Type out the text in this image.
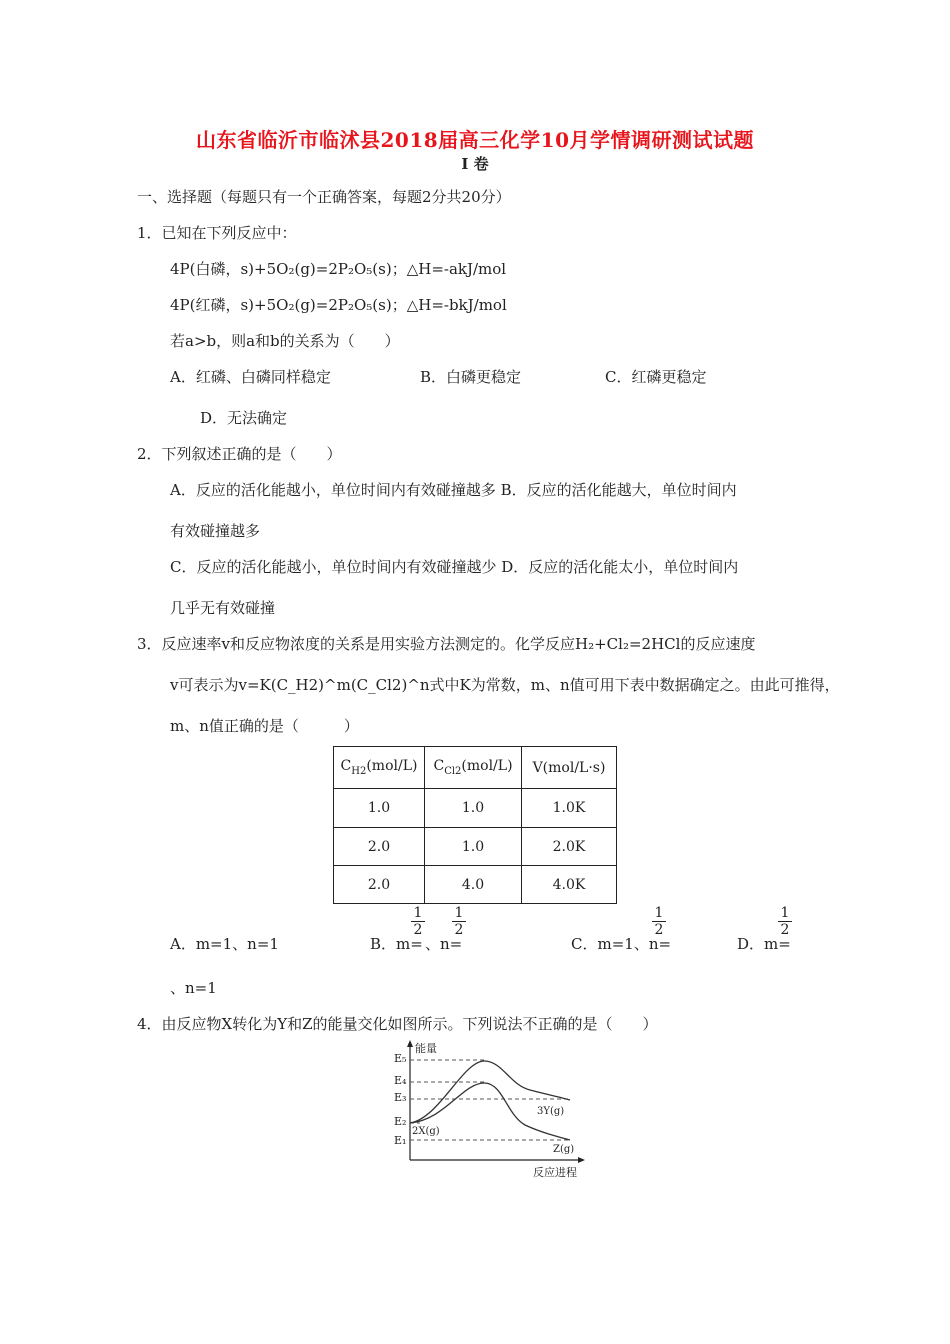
山东省临沂市临沭县2018届高三化学10月学情调研测试试题
Ⅰ 卷
一、选择题（每题只有一个正确答案，每题2分共20分）
1．已知在下列反应中：
4P(白磷，s)+5O₂(g)=2P₂O₅(s)；△H=-akJ/mol
4P(红磷，s)+5O₂(g)=2P₂O₅(s)；△H=-bkJ/mol
若a>b，则a和b的关系为（　　）
A．红磷、白磷同样稳定	B．白磷更稳定	C．红磷更稳定
D．无法确定
2．下列叙述正确的是（　　）
A．反应的活化能越小，单位时间内有效碰撞越多 B．反应的活化能越大，单位时间内
有效碰撞越多
C．反应的活化能越小，单位时间内有效碰撞越少 D．反应的活化能太小，单位时间内
几乎无有效碰撞
3．反应速率v和反应物浓度的关系是用实验方法测定的。化学反应H₂+Cl₂=2HCl的反应速度
v可表示为v=K(C_H2)^m(C_Cl2)^n式中K为常数，m、n值可用下表中数据确定之。由此可推得，
m、n值正确的是（　　　）
$C_{H2}(mol/L)$	$C_{Cl2}(mol/L)$	V(mol/L·s)
1.0	1.0	1.0K
2.0	1.0	2.0K
2.0	4.0	4.0K
A．m=1、n=1	B．m=
$\frac{1}{2}$
、n=
$\frac{1}{2}$
C．m=1、n=
$\frac{1}{2}$
D．m=
$\frac{1}{2}$
、n=1
4．由反应物X转化为Y和Z的能量交化如图所示。下列说法不正确的是（　　）
E₅
E₄
E₃
E₂
E₁
能量
2X(g)
3Y(g)
Z(g)
反应进程
